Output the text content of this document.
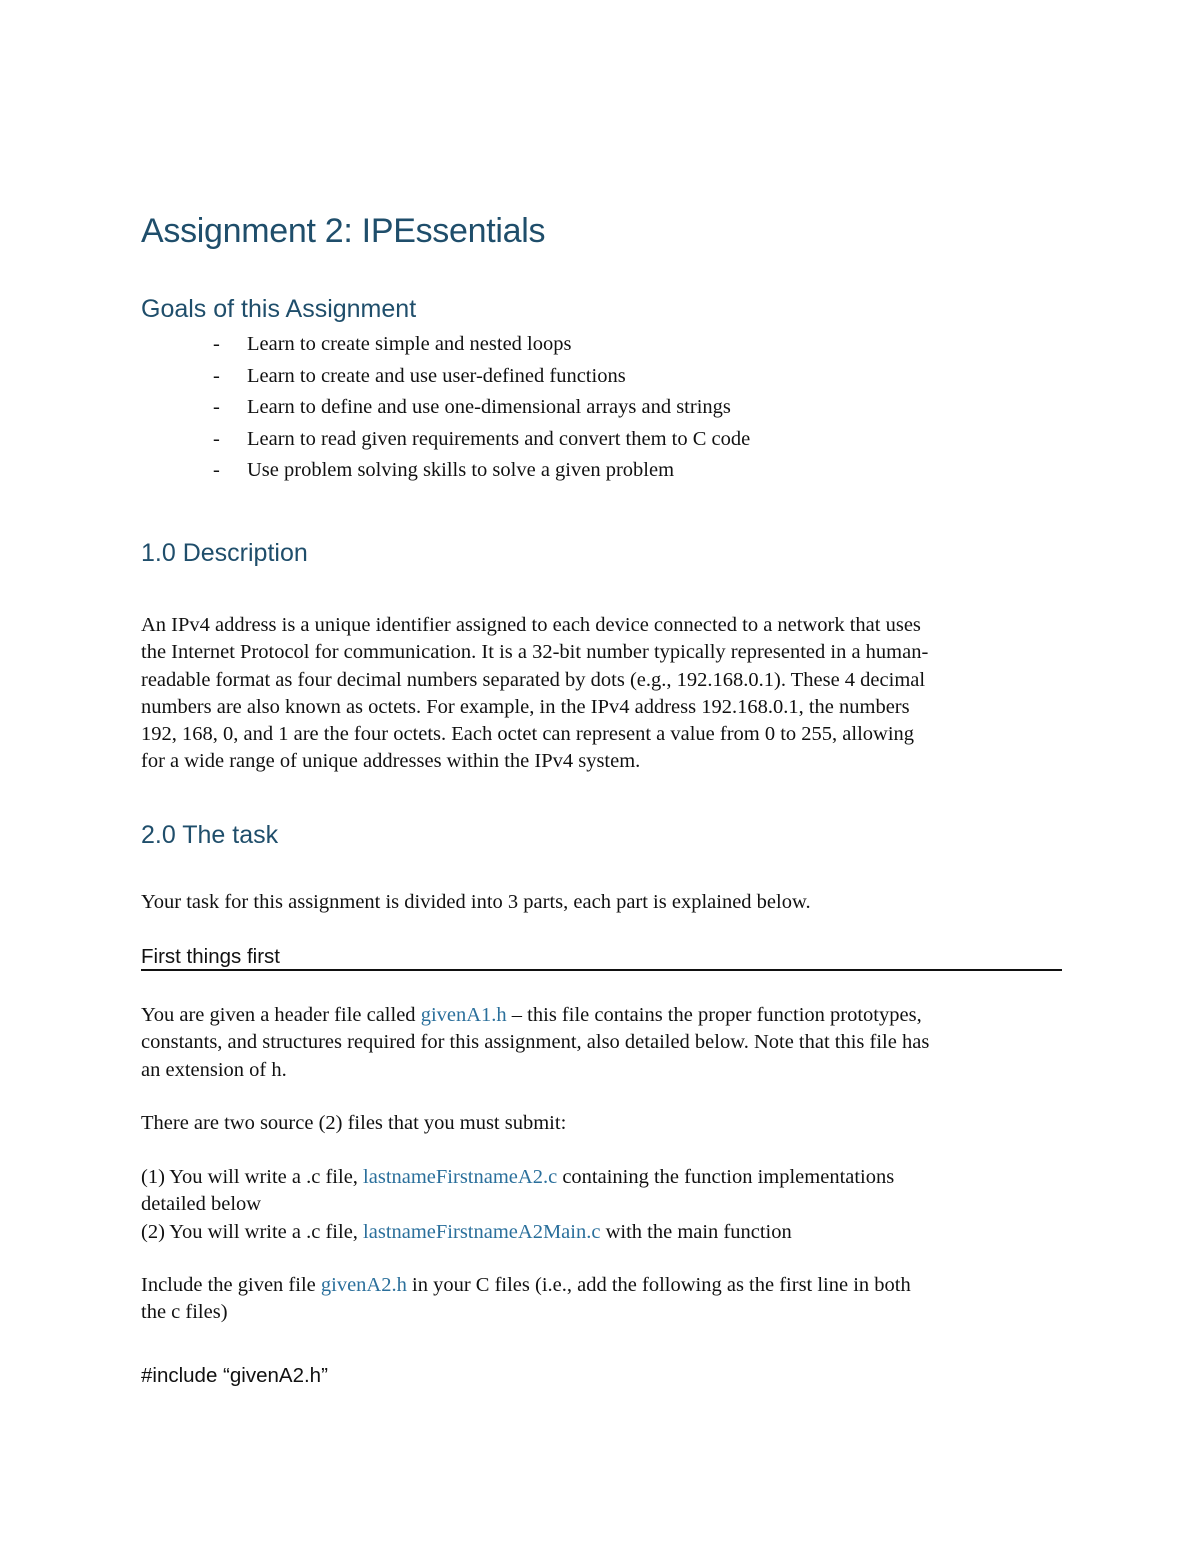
Assignment 2: IPEssentials
Goals of this Assignment
- Learn to create simple and nested loops
- Learn to create and use user-defined functions
- Learn to define and use one-dimensional arrays and strings
- Learn to read given requirements and convert them to C code
- Use problem solving skills to solve a given problem
1.0 Description
An IPv4 address is a unique identifier assigned to each device connected to a network that uses
the Internet Protocol for communication. It is a 32-bit number typically represented in a human-
readable format as four decimal numbers separated by dots (e.g., 192.168.0.1). These 4 decimal
numbers are also known as octets. For example, in the IPv4 address 192.168.0.1, the numbers
192, 168, 0, and 1 are the four octets. Each octet can represent a value from 0 to 255, allowing
for a wide range of unique addresses within the IPv4 system.
2.0 The task
Your task for this assignment is divided into 3 parts, each part is explained below.
First things first
You are given a header file called givenA1.h – this file contains the proper function prototypes,
constants, and structures required for this assignment, also detailed below. Note that this file has
an extension of h.
There are two source (2) files that you must submit:
(1) You will write a .c file, lastnameFirstnameA2.c containing the function implementations
detailed below
(2) You will write a .c file, lastnameFirstnameA2Main.c with the main function
Include the given file givenA2.h in your C files (i.e., add the following as the first line in both
the c files)
#include “givenA2.h”
